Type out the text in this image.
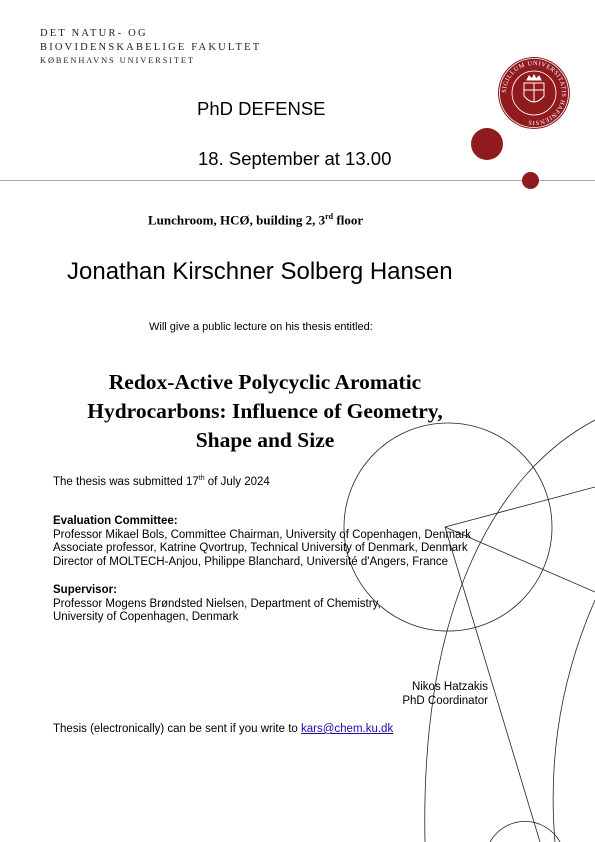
DET NATUR- OG
BIOVIDENSKABELIGE FAKULTET
KØBENHAVNS UNIVERSITET
SIGILLUM UNIVERSITATIS HAFNIENSIS
PhD DEFENSE
18. September at 13.00
Lunchroom, HCØ, building 2, 3rd floor
Jonathan Kirschner Solberg Hansen
Will give a public lecture on his thesis entitled:
Redox-Active Polycyclic Aromatic
Hydrocarbons: Influence of Geometry,
Shape and Size
The thesis was submitted 17th of July 2024
Evaluation Committee:
Professor Mikael Bols, Committee Chairman, University of Copenhagen, Denmark
Associate professor, Katrine Qvortrup, Technical University of Denmark, Denmark
Director of MOLTECH-Anjou, Philippe Blanchard, Université d'Angers, France
Supervisor:
Professor Mogens Brøndsted Nielsen, Department of Chemistry,
University of Copenhagen, Denmark
Nikos Hatzakis
PhD Coordinator
Thesis (electronically) can be sent if you write to kars@chem.ku.dk
